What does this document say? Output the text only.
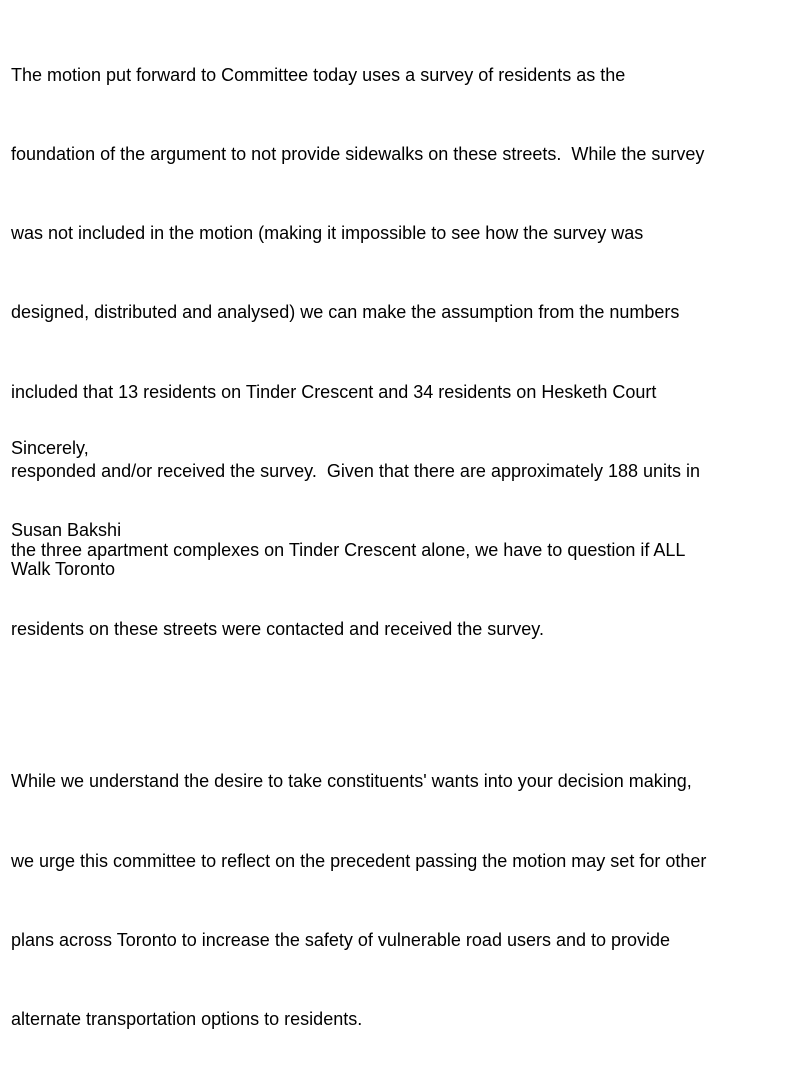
The motion put forward to Committee today uses a survey of residents as the

foundation of the argument to not provide sidewalks on these streets.  While the survey

was not included in the motion (making it impossible to see how the survey was

designed, distributed and analysed) we can make the assumption from the numbers

included that 13 residents on Tinder Crescent and 34 residents on Hesketh Court

responded and/or received the survey.  Given that there are approximately 188 units in

the three apartment complexes on Tinder Crescent alone, we have to question if ALL

residents on these streets were contacted and received the survey.

While we understand the desire to take constituents' wants into your decision making,

we urge this committee to reflect on the precedent passing the motion may set for other

plans across Toronto to increase the safety of vulnerable road users and to provide

alternate transportation options to residents.

Sincerely,

Susan Bakshi

Walk Toronto
